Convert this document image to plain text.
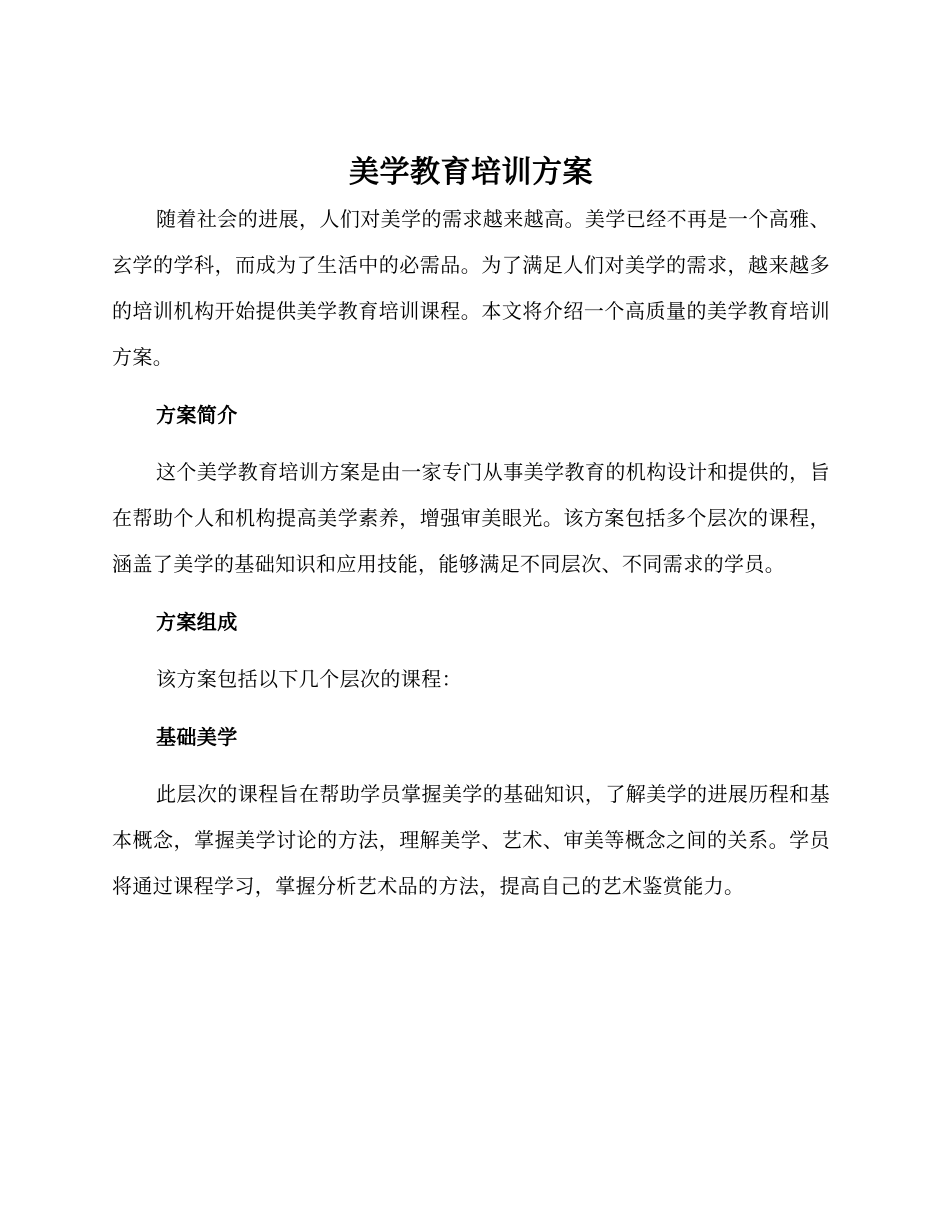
美学教育培训方案

随着社会的进展，人们对美学的需求越来越高。美学已经不再是一个高雅、玄学的学科，而成为了生活中的必需品。为了满足人们对美学的需求，越来越多的培训机构开始提供美学教育培训课程。本文将介绍一个高质量的美学教育培训方案。

方案简介

这个美学教育培训方案是由一家专门从事美学教育的机构设计和提供的，旨在帮助个人和机构提高美学素养，增强审美眼光。该方案包括多个层次的课程，涵盖了美学的基础知识和应用技能，能够满足不同层次、不同需求的学员。

方案组成

该方案包括以下几个层次的课程：

基础美学

此层次的课程旨在帮助学员掌握美学的基础知识，了解美学的进展历程和基本概念，掌握美学讨论的方法，理解美学、艺术、审美等概念之间的关系。学员将通过课程学习，掌握分析艺术品的方法，提高自己的艺术鉴赏能力。
